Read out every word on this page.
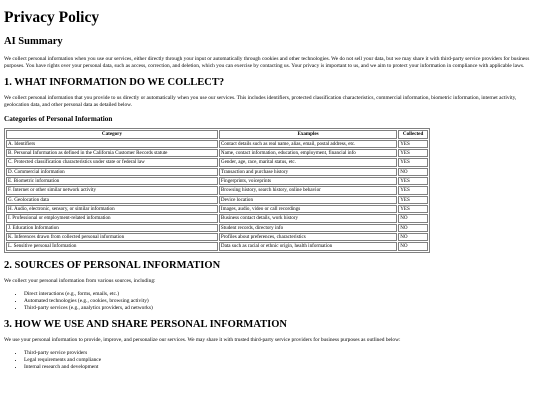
Privacy Policy
AI Summary

We collect personal information when you use our services, either directly through your input or automatically through cookies and other technologies. We do not sell your data, but we may share it with third-party service providers for business purposes. You have rights over your personal data, such as access, correction, and deletion, which you can exercise by contacting us. Your privacy is important to us, and we aim to protect your information in compliance with applicable laws.

1. WHAT INFORMATION DO WE COLLECT?

We collect personal information that you provide to us directly or automatically when you use our services. This includes identifiers, protected classification characteristics, commercial information, biometric information, internet activity, geolocation data, and other personal data as detailed below.

Categories of Personal Information
Category	Examples	Collected
A. Identifiers	Contact details such as real name, alias, email, postal address, etc.	YES
B. Personal Information as defined in the California Customer Records statute	Name, contact information, education, employment, financial info	YES
C. Protected classification characteristics under state or federal law	Gender, age, race, marital status, etc.	YES
D. Commercial information	Transaction and purchase history	NO
E. Biometric information	Fingerprints, voiceprints	YES
F. Internet or other similar network activity	Browsing history, search history, online behavior	YES
G. Geolocation data	Device location	YES
H. Audio, electronic, sensory, or similar information	Images, audio, video or call recordings	YES
I. Professional or employment-related information	Business contact details, work history	NO
J. Education Information	Student records, directory info	NO
K. Inferences drawn from collected personal information	Profiles about preferences, characteristics	NO
L. Sensitive personal Information	Data such as racial or ethnic origin, health information	NO
2. SOURCES OF PERSONAL INFORMATION

We collect your personal information from various sources, including:

• Direct interactions (e.g., forms, emails, etc.)
• Automated technologies (e.g., cookies, browsing activity)
• Third-party services (e.g., analytics providers, ad networks)
3. HOW WE USE AND SHARE PERSONAL INFORMATION

We use your personal information to provide, improve, and personalize our services. We may share it with trusted third-party service providers for business purposes as outlined below:

• Third-party service providers
• Legal requirements and compliance
• Internal research and development
